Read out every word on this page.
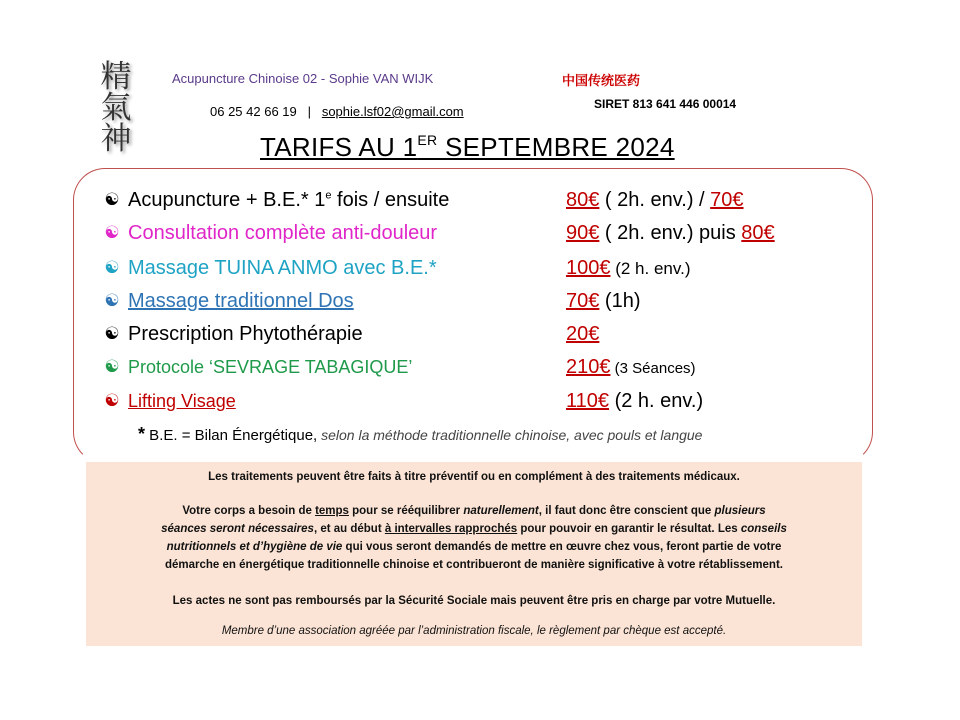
精
氣
神
Acupuncture Chinoise 02 - Sophie VAN WIJK	中国传统医药
06 25 42 66 19 | sophie.lsf02@gmail.com	SIRET 813 641 446 00014
TARIFS AU 1ER SEPTEMBRE 2024
☯ Acupuncture + B.E.* 1e fois / ensuite	80€ ( 2h. env.) / 70€
☯ Consultation complète anti-douleur	90€ ( 2h. env.) puis 80€
☯ Massage TUINA ANMO avec B.E.*	100€ (2 h. env.)
☯ Massage traditionnel Dos	70€ (1h)
☯ Prescription Phytothérapie	20€
☯ Protocole ‘SEVRAGE TABAGIQUE’	210€ (3 Séances)
☯ Lifting Visage	110€ (2 h. env.)
* B.E. = Bilan Énergétique, selon la méthode traditionnelle chinoise, avec pouls et langue
Les traitements peuvent être faits à titre préventif ou en complément à des traitements médicaux.
Votre corps a besoin de temps pour se rééquilibrer naturellement, il faut donc être conscient que plusieurs
séances seront nécessaires, et au début à intervalles rapprochés pour pouvoir en garantir le résultat. Les conseils
nutritionnels et d’hygiène de vie qui vous seront demandés de mettre en œuvre chez vous, feront partie de votre
démarche en énergétique traditionnelle chinoise et contribueront de manière significative à votre rétablissement.
Les actes ne sont pas remboursés par la Sécurité Sociale mais peuvent être pris en charge par votre Mutuelle.
Membre d’une association agréée par l’administration fiscale, le règlement par chèque est accepté.
